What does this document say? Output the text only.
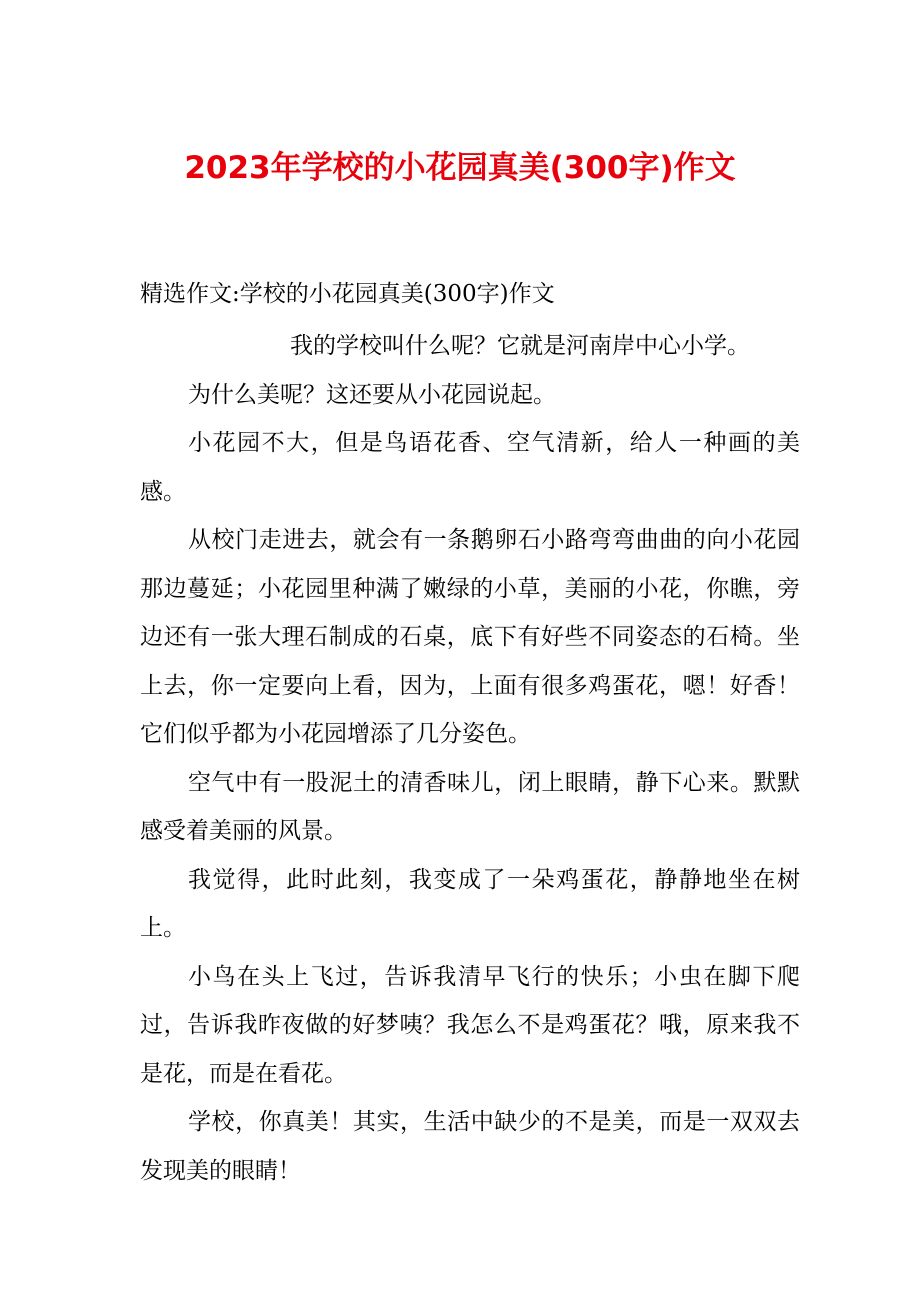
2023年学校的小花园真美(300字)作文
精选作文:学校的小花园真美(300字)作文

我的学校叫什么呢？它就是河南岸中心小学。

为什么美呢？这还要从小花园说起。

小花园不大，但是鸟语花香、空气清新，给人一种画的美感。

从校门走进去，就会有一条鹅卵石小路弯弯曲曲的向小花园那边蔓延；小花园里种满了嫩绿的小草，美丽的小花，你瞧，旁边还有一张大理石制成的石桌，底下有好些不同姿态的石椅。坐上去，你一定要向上看，因为，上面有很多鸡蛋花，嗯！好香！它们似乎都为小花园增添了几分姿色。

空气中有一股泥土的清香味儿，闭上眼睛，静下心来。默默感受着美丽的风景。

我觉得，此时此刻，我变成了一朵鸡蛋花，静静地坐在树上。

小鸟在头上飞过，告诉我清早飞行的快乐；小虫在脚下爬过，告诉我昨夜做的好梦咦？我怎么不是鸡蛋花？哦，原来我不是花，而是在看花。

学校，你真美！其实，生活中缺少的不是美，而是一双双去发现美的眼睛！
